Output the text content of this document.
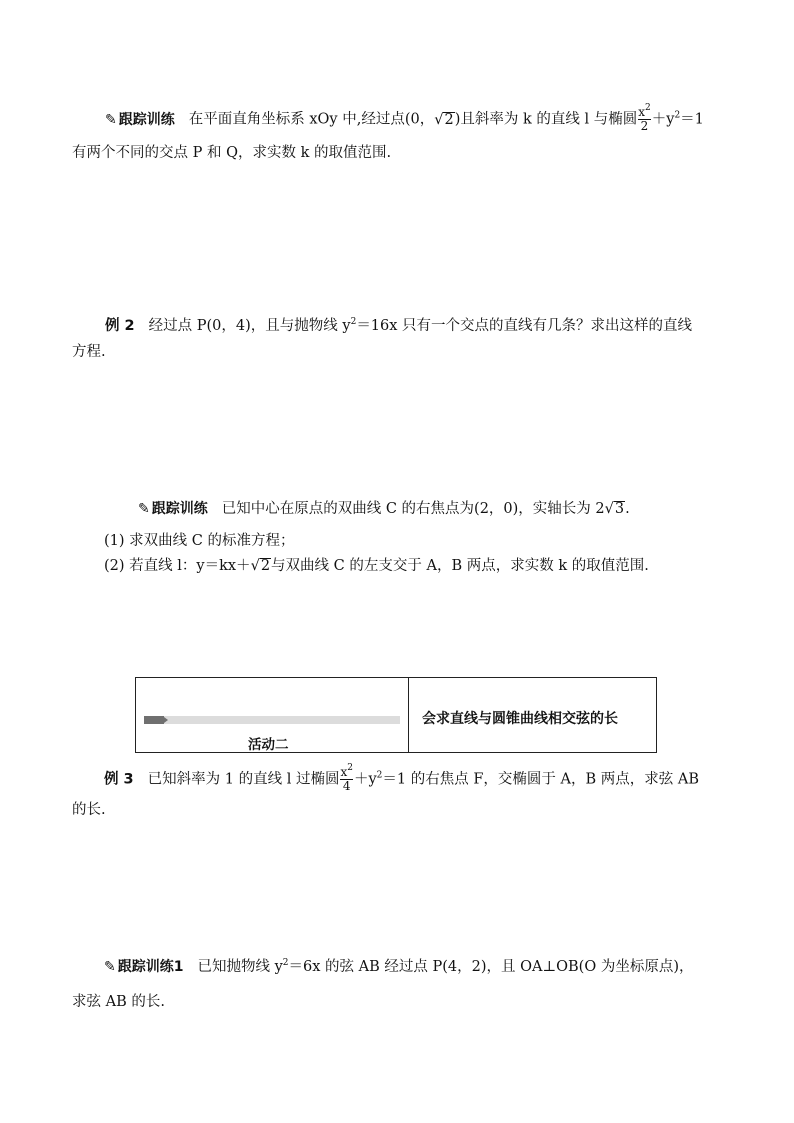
✎ 跟踪训练 在平面直角坐标系 xOy 中,经过点(0，√2)且斜率为 k 的直线 l 与椭圆 $\frac{x^2}{2} +y^2=1$
有两个不同的交点 P 和 Q，求实数 k 的取值范围.
例 2 经过点 P(0，4)，且与抛物线 $y^2=16x$ 只有一个交点的直线有几条？求出这样的直线
方程.
✎ 跟踪训练 已知中心在原点的双曲线 C 的右焦点为(2，0)，实轴长为 2√3.
(1) 求双曲线 C 的标准方程；
(2) 若直线 l：y＝kx＋√2与双曲线 C 的左支交于 A，B 两点，求实数 k 的取值范围.
活动二
会求直线与圆锥曲线相交弦的长
例 3 已知斜率为 1 的直线 l 过椭圆 $\frac{x^2}{4} +y^2=1$ 的右焦点 F，交椭圆于 A，B 两点，求弦 AB
的长.
✎ 跟踪训练1 已知抛物线 $y^2=6x$ 的弦 AB 经过点 P(4，2)，且 OA⊥OB(O 为坐标原点)，
求弦 AB 的长.
